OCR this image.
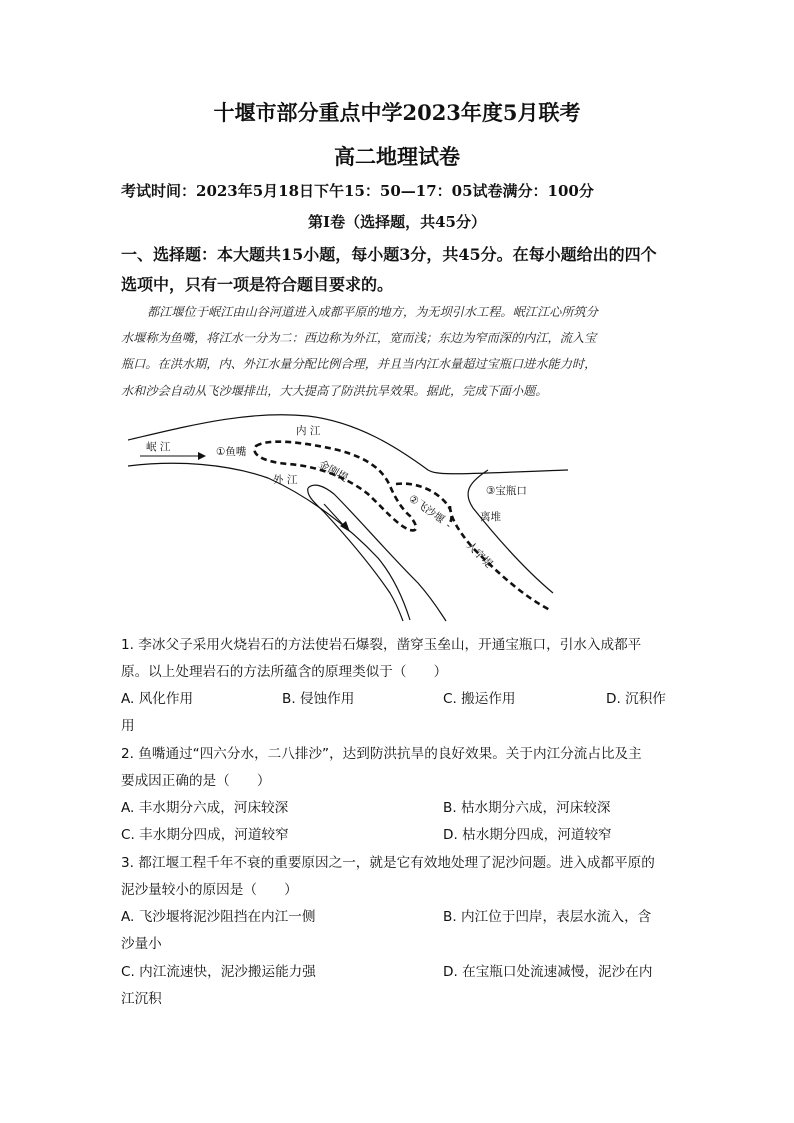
十堰市部分重点中学2023年度5月联考
高二地理试卷
考试时间：2023年5月18日下午15：50—17：05试卷满分：100分
第Ⅰ卷（选择题，共45分）
一、选择题：本大题共15小题，每小题3分，共45分。在每小题给出的四个
选项中，只有一项是符合题目要求的。
都江堰位于岷江由山谷河道进入成都平原的地方，为无坝引水工程。岷江江心所筑分
水堰称为鱼嘴，将江水一分为二：西边称为外江，宽而浅；东边为窄而深的内江，流入宝
瓶口。在洪水期，内、外江水量分配比例合理，并且当内江水量超过宝瓶口进水能力时，
水和沙会自动从飞沙堰排出，大大提高了防洪抗旱效果。据此，完成下面小题。
岷 江
内 江
外 江
①鱼嘴
金刚堤
②飞沙堰
③宝瓶口
离堆
人字堤
1. 李冰父子采用火烧岩石的方法使岩石爆裂，凿穿玉垒山，开通宝瓶口，引水入成都平
原。以上处理岩石的方法所蕴含的原理类似于（　　）
A. 风化作用	B. 侵蚀作用	C. 搬运作用	D. 沉积作
用
2. 鱼嘴通过“四六分水，二八排沙”，达到防洪抗旱的良好效果。关于内江分流占比及主
要成因正确的是（　　）
A. 丰水期分六成，河床较深	B. 枯水期分六成，河床较深
C. 丰水期分四成，河道较窄	D. 枯水期分四成，河道较窄
3. 都江堰工程千年不衰的重要原因之一，就是它有效地处理了泥沙问题。进入成都平原的
泥沙量较小的原因是（　　）
A. 飞沙堰将泥沙阻挡在内江一侧	B. 内江位于凹岸，表层水流入，含
沙量小
C. 内江流速快，泥沙搬运能力强	D. 在宝瓶口处流速减慢，泥沙在内
江沉积
